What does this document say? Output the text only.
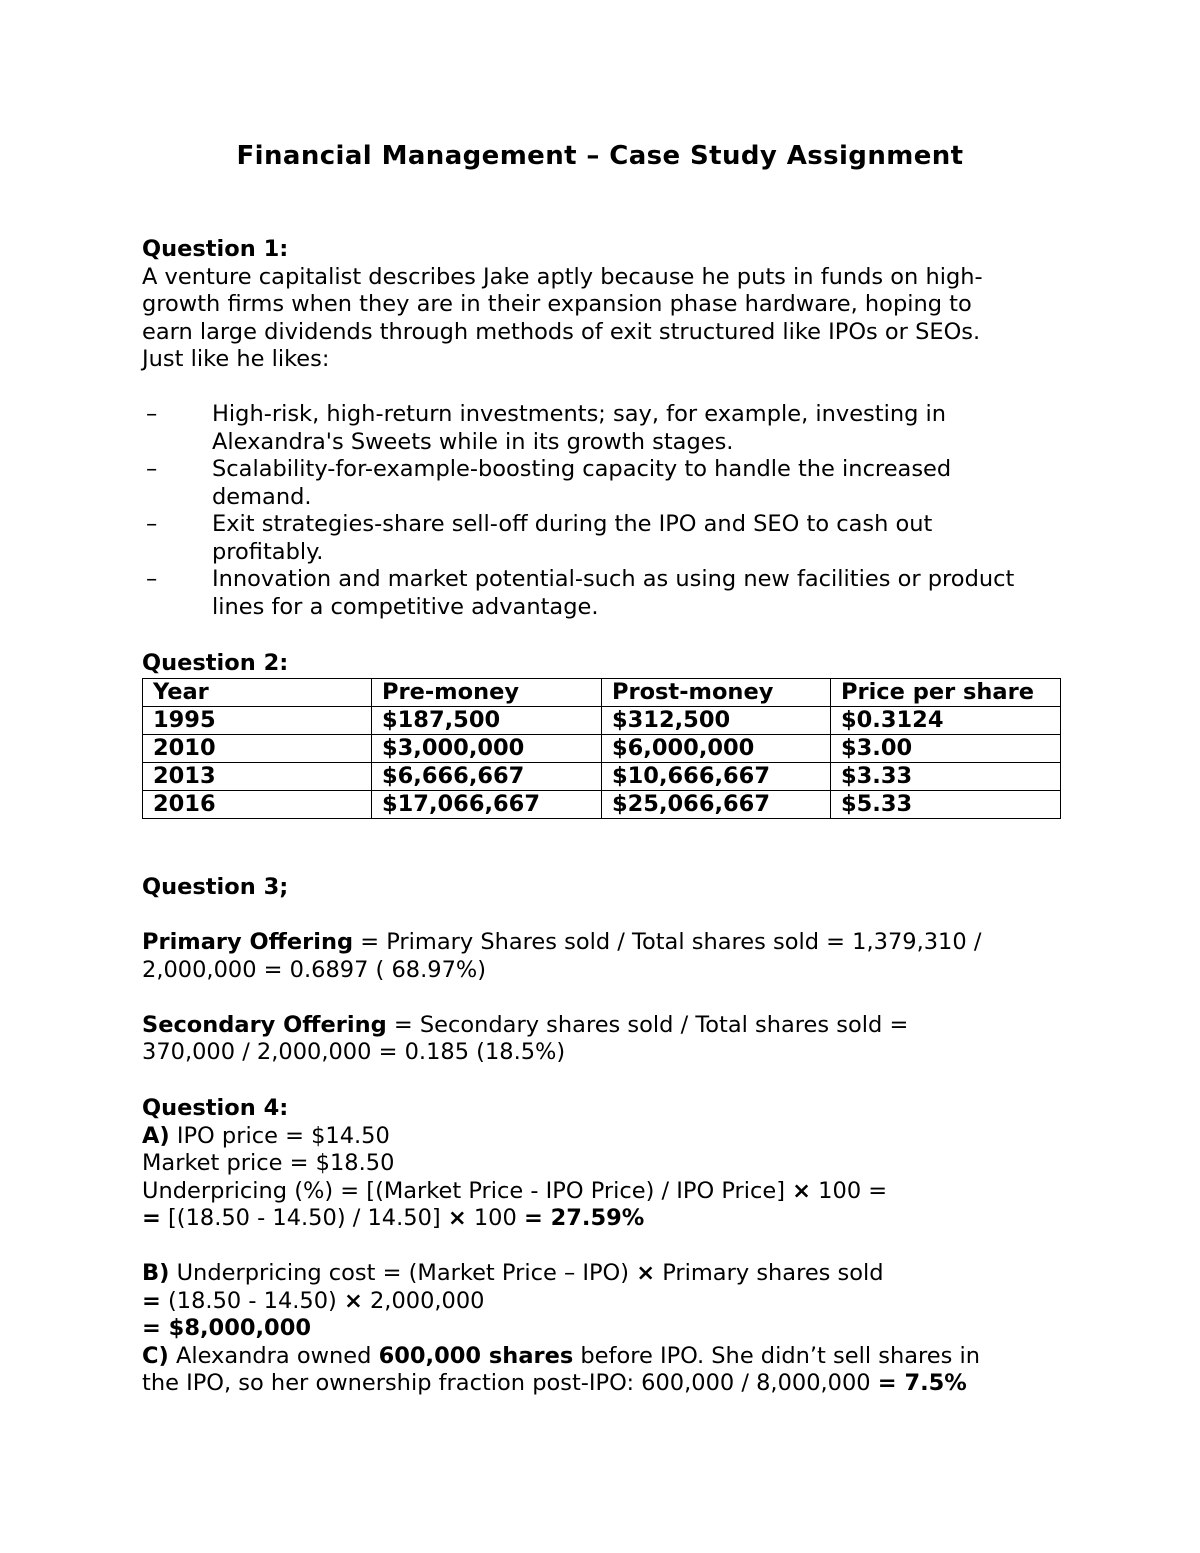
Financial Management – Case Study Assignment

Question 1:

A venture capitalist describes Jake aptly because he puts in funds on high-

growth firms when they are in their expansion phase hardware, hoping to

earn large dividends through methods of exit structured like IPOs or SEOs.

Just like he likes:

– High-risk, high-return investments; say, for example, investing in
Alexandra's Sweets while in its growth stages.
– Scalability-for-example-boosting capacity to handle the increased
demand.
– Exit strategies-share sell-off during the IPO and SEO to cash out
profitably.
– Innovation and market potential-such as using new facilities or product
lines for a competitive advantage.

Question 2:

Year	Pre-money	Prost-money	Price per share
1995	$187,500	$312,500	$0.3124
2010	$3,000,000	$6,000,000	$3.00
2013	$6,666,667	$10,666,667	$3.33
2016	$17,066,667	$25,066,667	$5.33

Question 3;

Primary Offering = Primary Shares sold / Total shares sold = 1,379,310 /

2,000,000 = 0.6897 ( 68.97%)

Secondary Offering = Secondary shares sold / Total shares sold =

370,000 / 2,000,000 = 0.185 (18.5%)

Question 4:

A) IPO price = $14.50

Market price = $18.50

Underpricing (%) = [(Market Price - IPO Price) / IPO Price] × 100 =

= [(18.50 - 14.50) / 14.50] × 100 = 27.59%

B) Underpricing cost = (Market Price – IPO) × Primary shares sold

= (18.50 - 14.50) × 2,000,000

= $8,000,000

C) Alexandra owned 600,000 shares before IPO. She didn’t sell shares in

the IPO, so her ownership fraction post-IPO: 600,000 / 8,000,000 = 7.5%
